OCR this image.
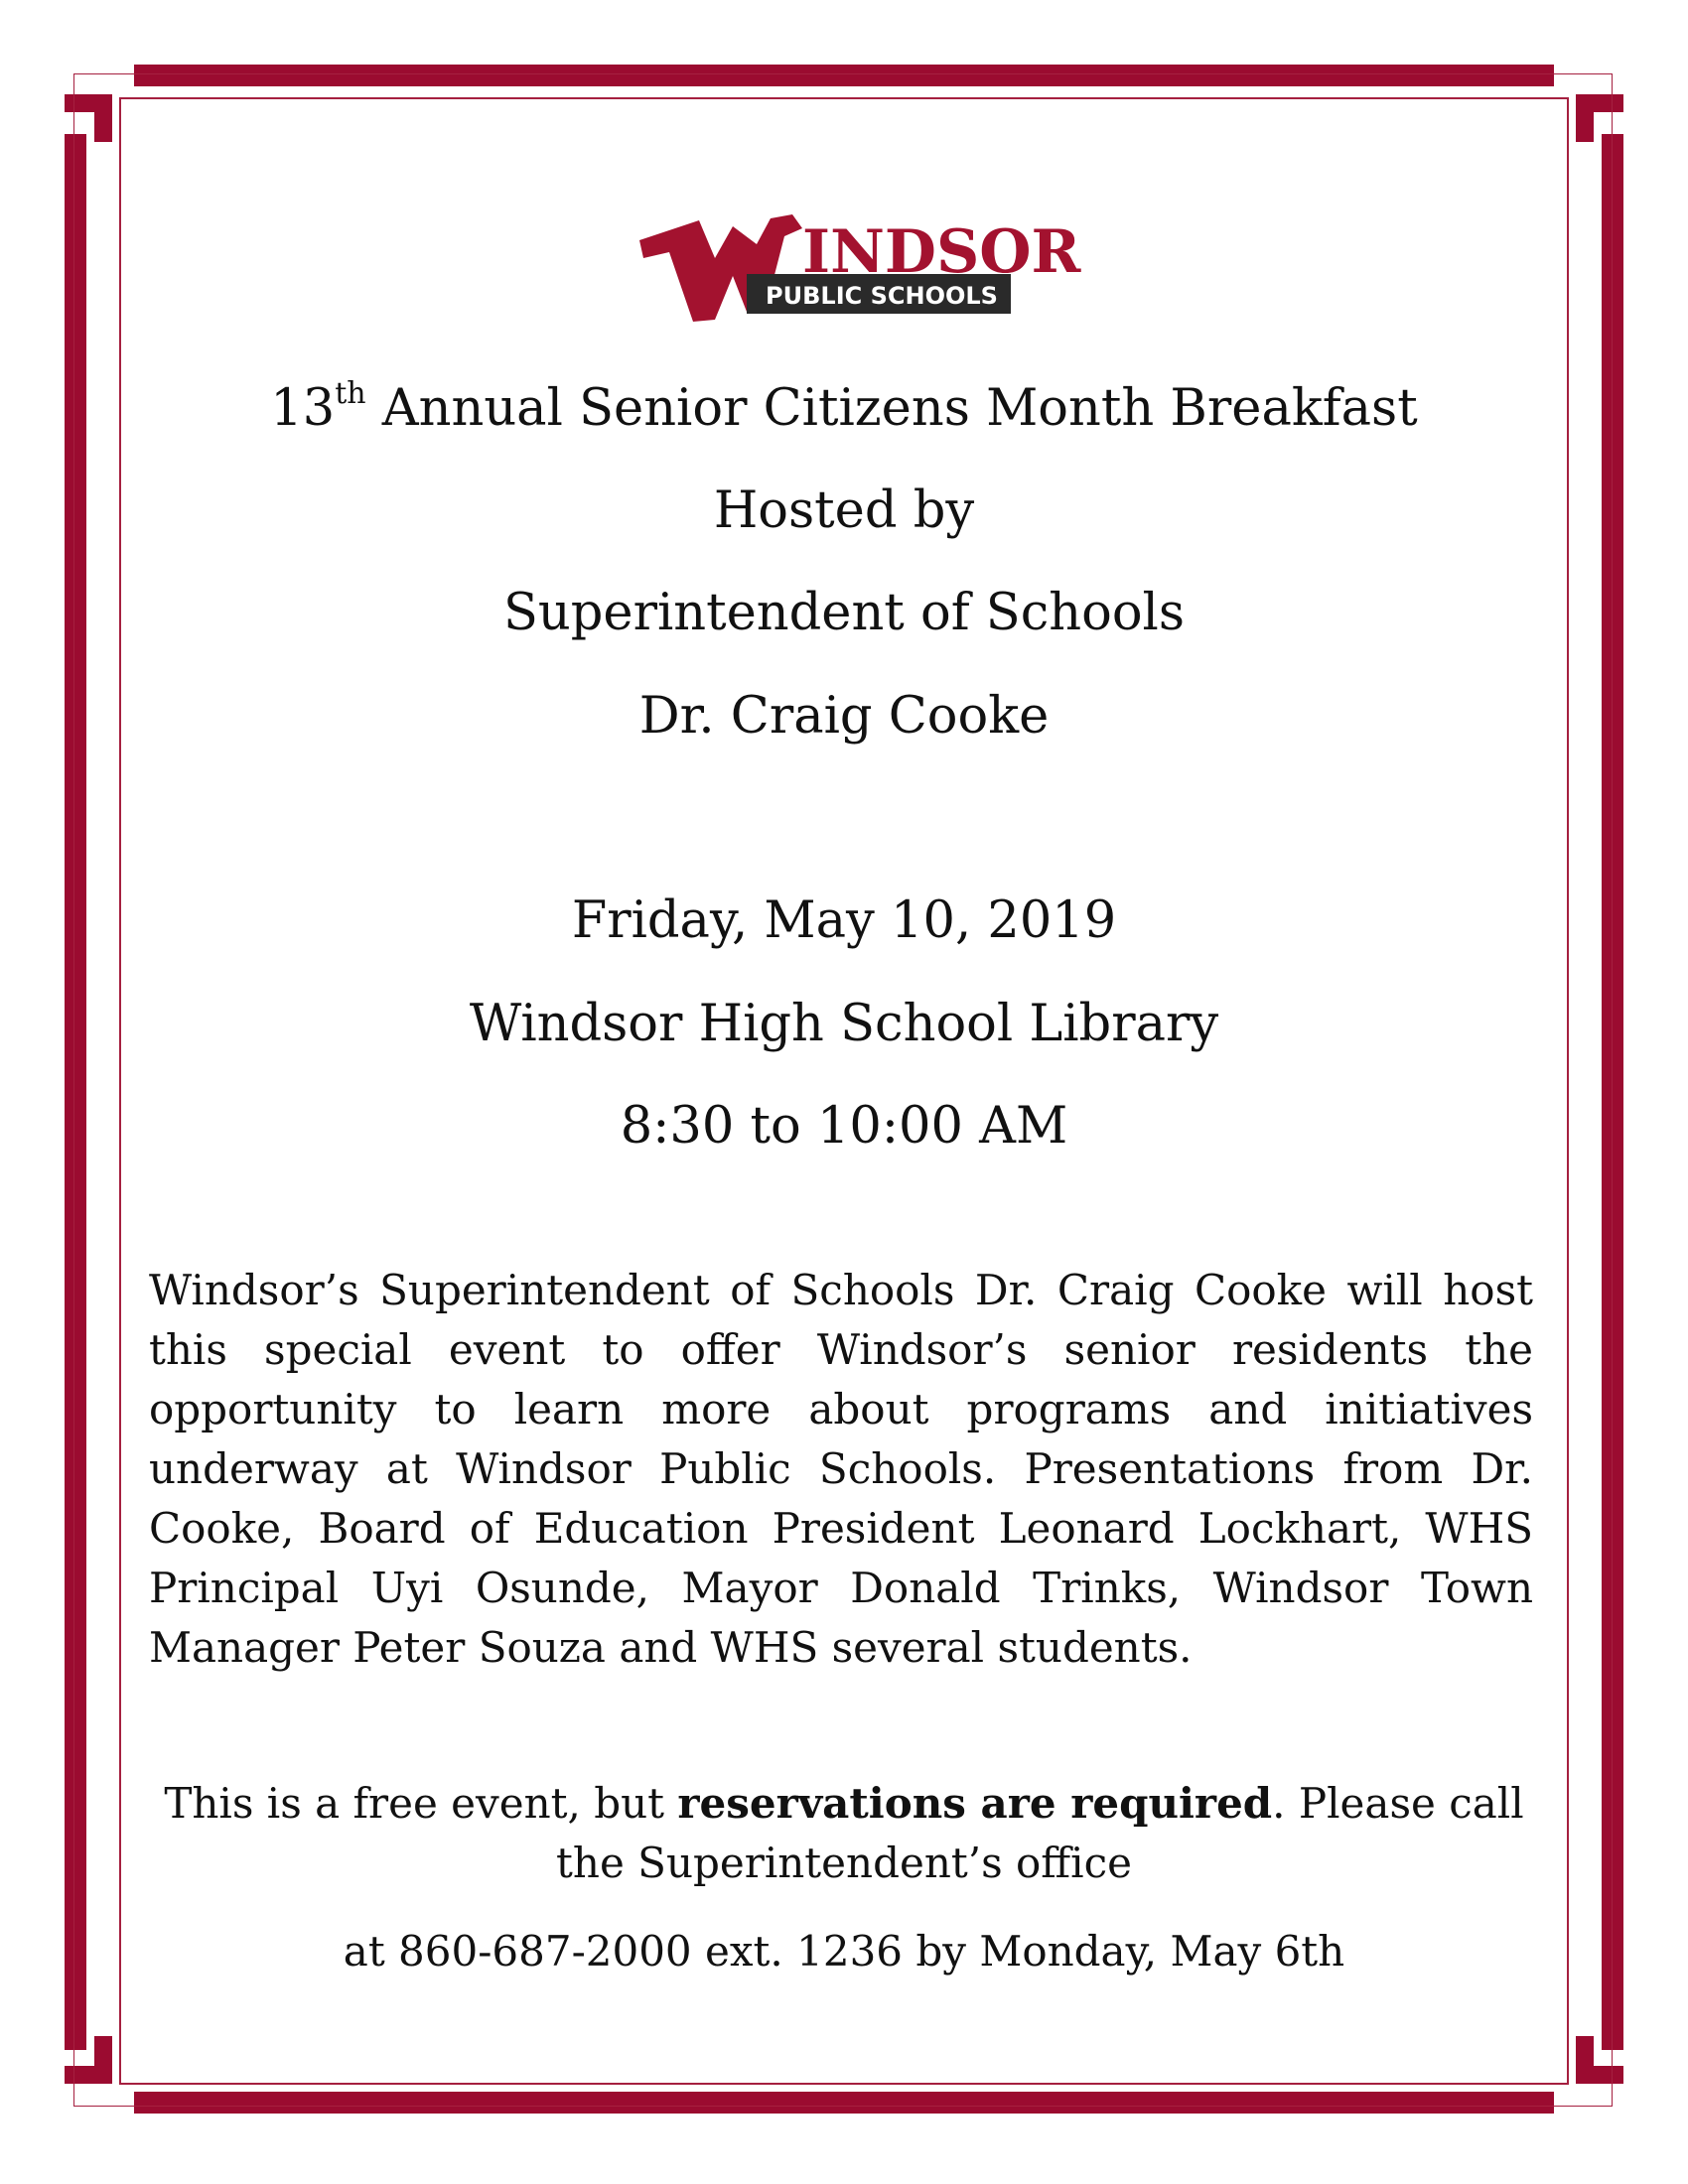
INDSOR
PUBLIC SCHOOLS
13th Annual Senior Citizens Month Breakfast
Hosted by
Superintendent of Schools
Dr. Craig Cooke
Friday, May 10, 2019
Windsor High School Library
8:30 to 10:00 AM
Windsor’s Superintendent of Schools Dr. Craig Cooke will host this special event to offer Windsor’s senior residents the opportunity to learn more about programs and initiatives underway at Windsor Public Schools. Presentations from Dr. Cooke, Board of Education President Leonard Lockhart, WHS Principal Uyi Osunde, Mayor Donald Trinks, Windsor Town Manager Peter Souza and WHS several students.
This is a free event, but reservations are required. Please call
the Superintendent’s office
at 860-687-2000 ext. 1236 by Monday, May 6th
